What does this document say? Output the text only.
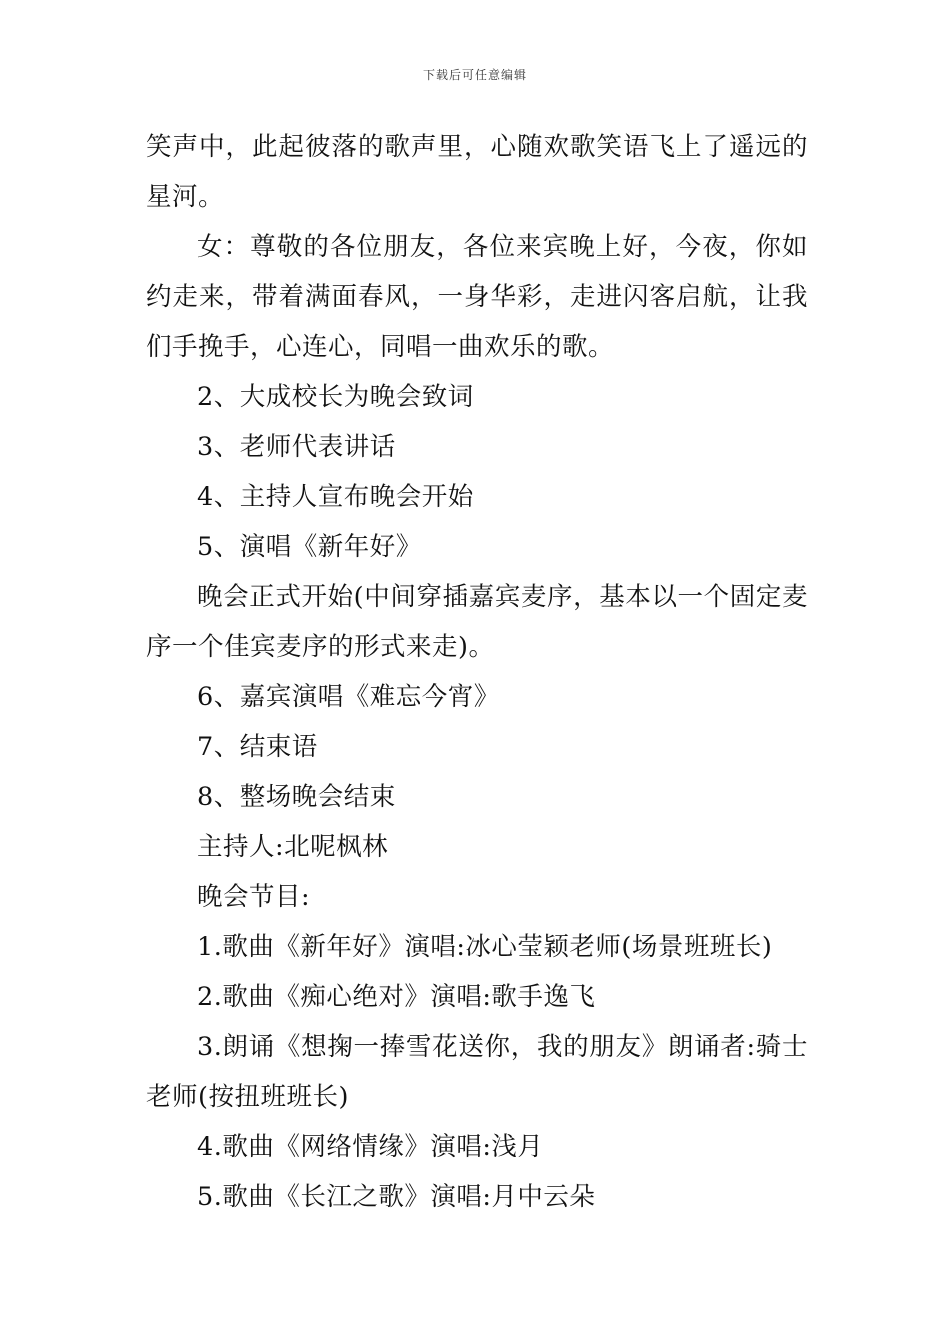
下载后可任意编辑

笑声中，此起彼落的歌声里，心随欢歌笑语飞上了遥远的星河。

女：尊敬的各位朋友，各位来宾晚上好，今夜，你如约走来，带着满面春风，一身华彩，走进闪客启航，让我们手挽手，心连心，同唱一曲欢乐的歌。

2、大成校长为晚会致词

3、老师代表讲话

4、主持人宣布晚会开始

5、演唱《新年好》

晚会正式开始(中间穿插嘉宾麦序，基本以一个固定麦序一个佳宾麦序的形式来走)。

6、嘉宾演唱《难忘今宵》

7、结束语

8、整场晚会结束

主持人:北呢枫林

晚会节目:

1.歌曲《新年好》演唱:冰心莹颖老师(场景班班长)

2.歌曲《痴心绝对》演唱:歌手逸飞

3.朗诵《想掬一捧雪花送你，我的朋友》朗诵者:骑士老师(按扭班班长)

4.歌曲《网络情缘》演唱:浅月

5.歌曲《长江之歌》演唱:月中云朵
